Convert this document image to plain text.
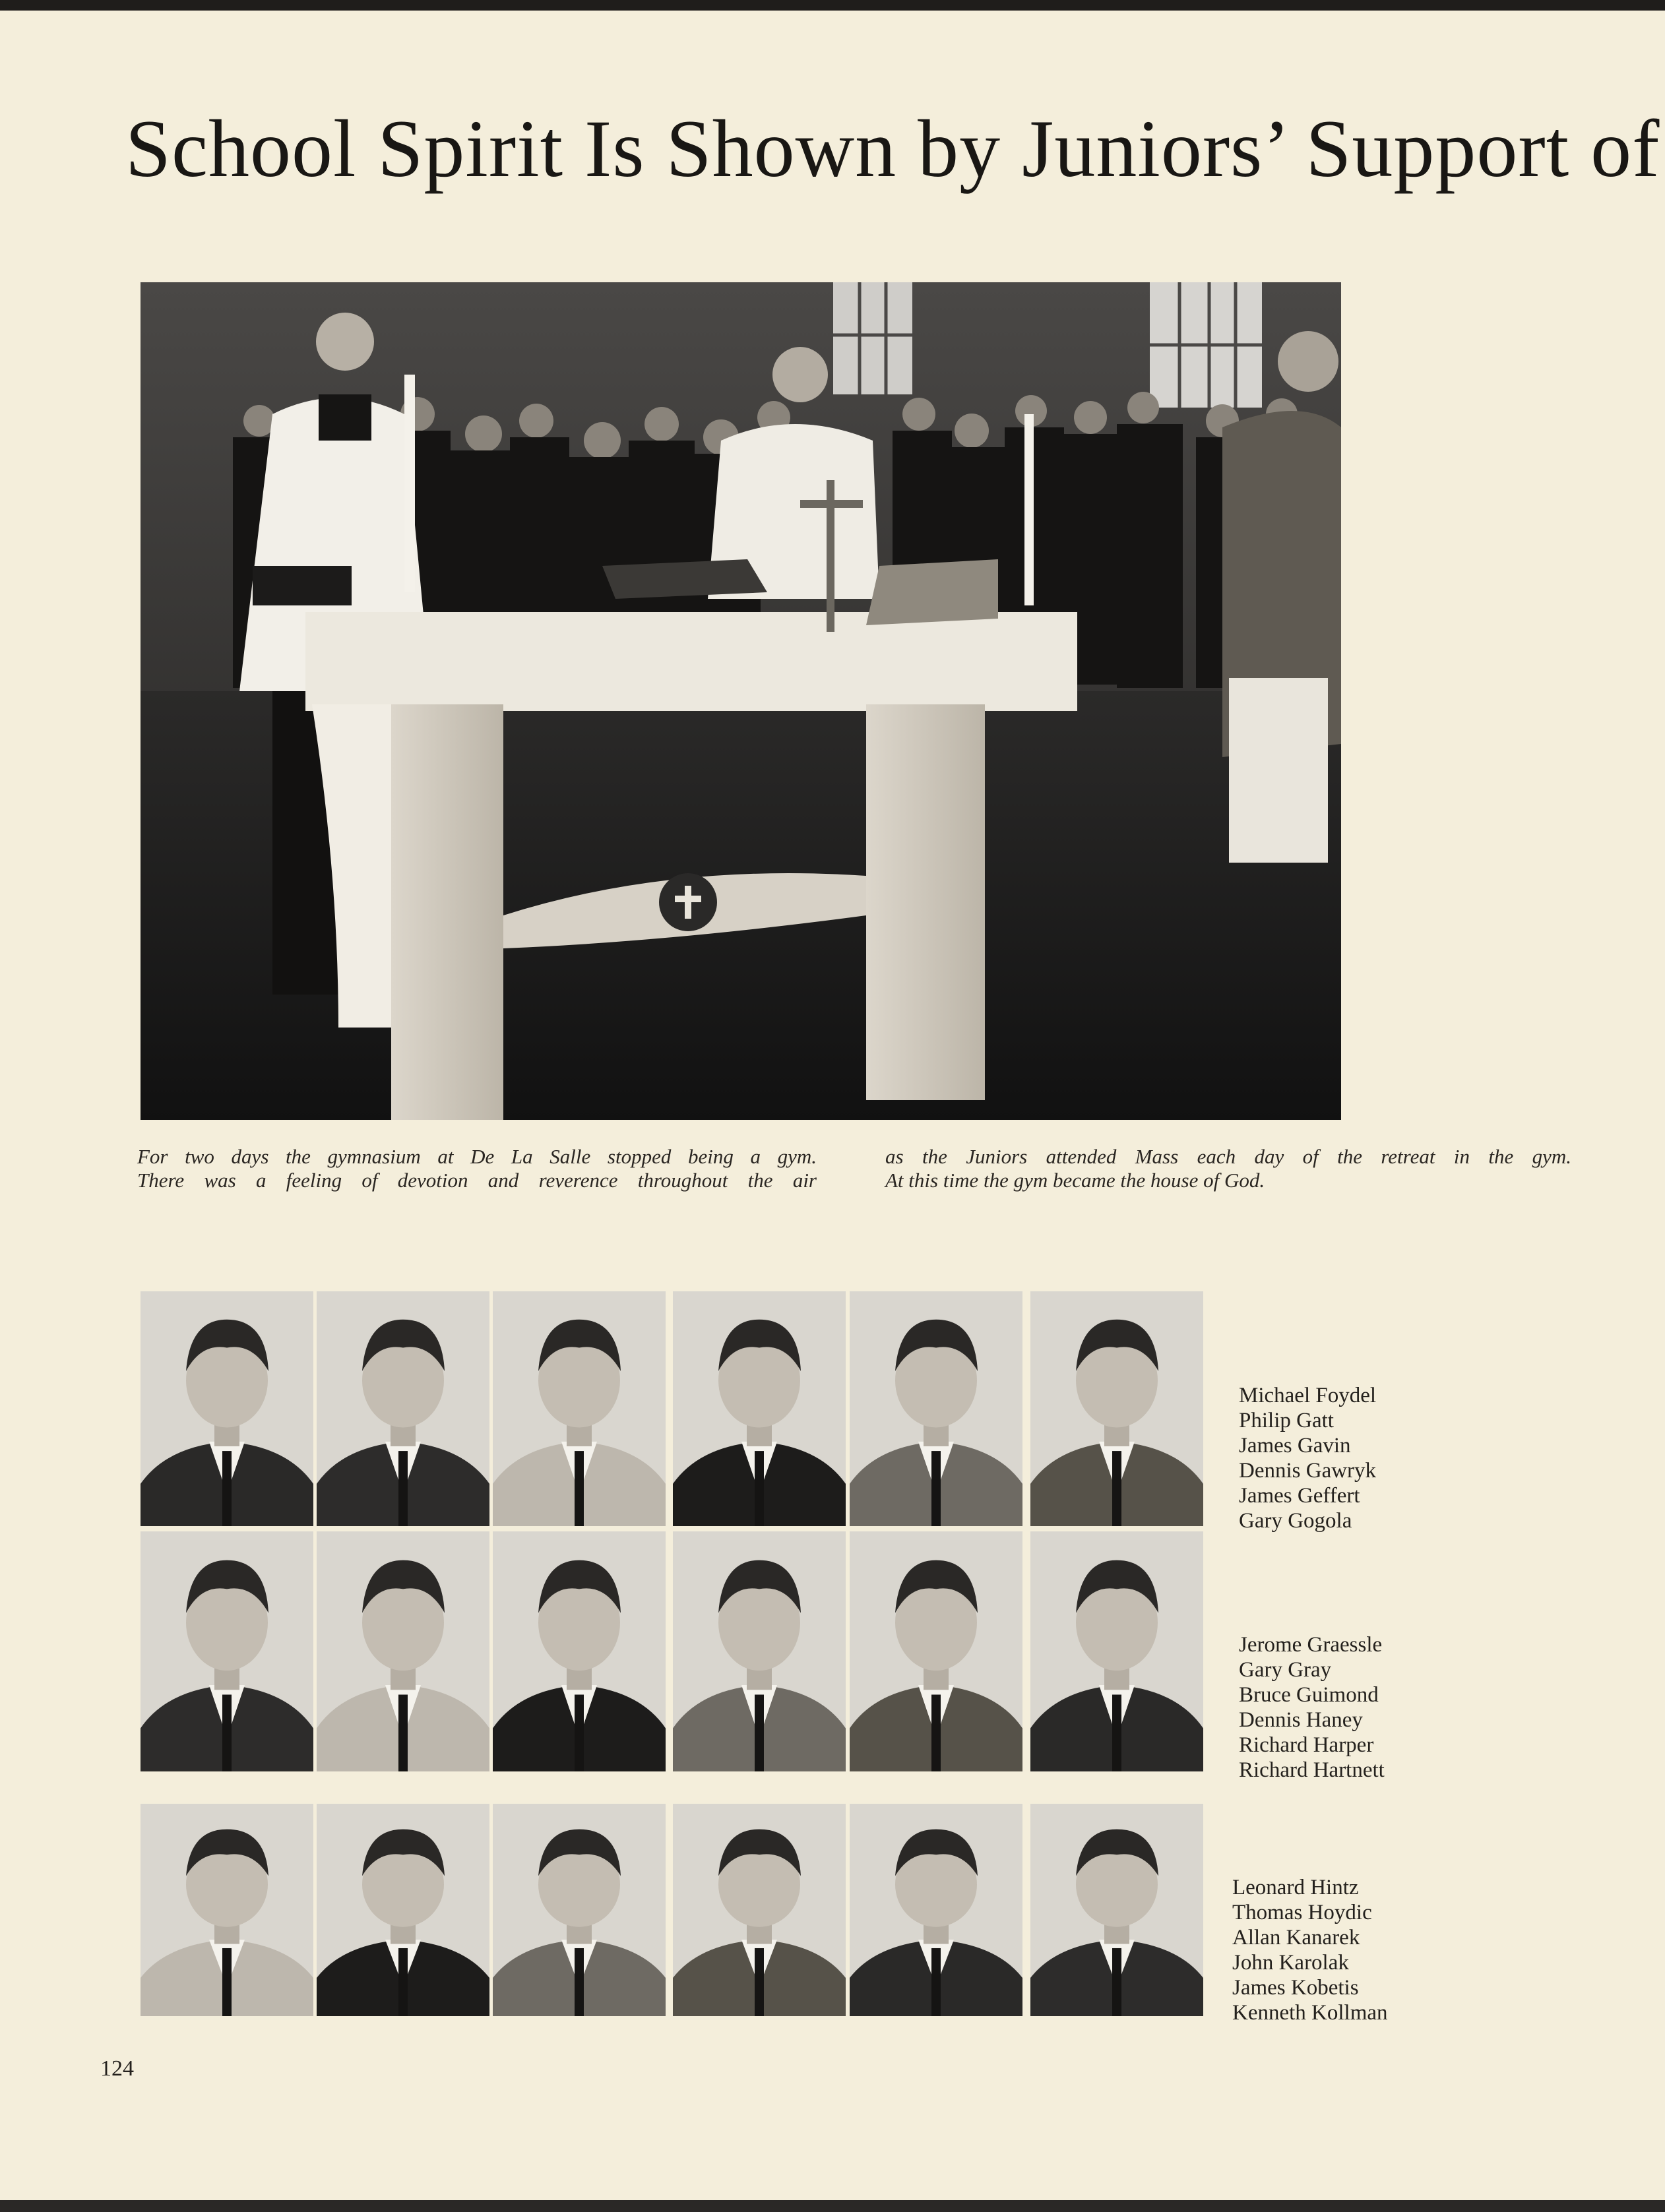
School Spirit Is Shown by Juniors’ Support of
For two days the gymnasium at De La Salle stopped being a gym.
There was a feeling of devotion and reverence throughout the air
as the Juniors attended Mass each day of the retreat in the gym.
At this time the gym became the house of God.
Michael Foydel
Philip Gatt
James Gavin
Dennis Gawryk
James Geffert
Gary Gogola
Jerome Graessle
Gary Gray
Bruce Guimond
Dennis Haney
Richard Harper
Richard Hartnett
Leonard Hintz
Thomas Hoydic
Allan Kanarek
John Karolak
James Kobetis
Kenneth Kollman
124
